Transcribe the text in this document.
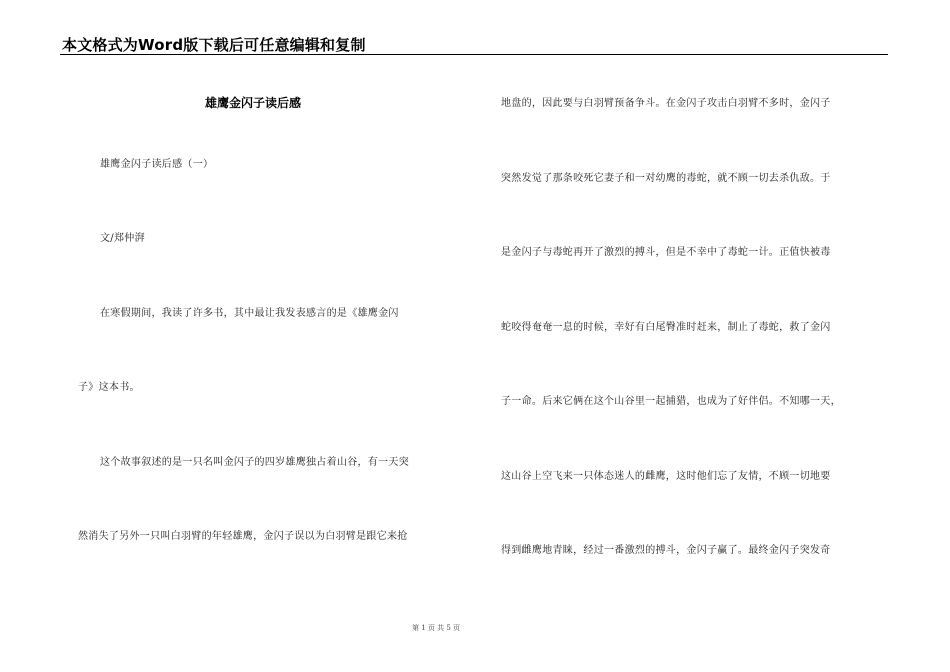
本文格式为Word版下载后可任意编辑和复制
雄鹰金闪子读后感
雄鹰金闪子读后感（一）
文/郑仲湃
在寒假期间，我读了许多书，其中最让我发表感言的是《雄鹰金闪
子》这本书。
这个故事叙述的是一只名叫金闪子的四岁雄鹰独占着山谷，有一天突
然消失了另外一只叫白羽臂的年轻雄鹰，金闪子误以为白羽臂是跟它来抢
地盘的，因此要与白羽臂预备争斗。在金闪子攻击白羽臂不多时，金闪子
突然发觉了那条咬死它妻子和一对幼鹰的毒蛇，就不顾一切去杀仇敌。于
是金闪子与毒蛇再开了激烈的搏斗，但是不幸中了毒蛇一计。正值快被毒
蛇咬得奄奄一息的时候，幸好有白尾臀准时赶来，制止了毒蛇，救了金闪
子一命。后来它俩在这个山谷里一起捕猎，也成为了好伴侣。不知哪一天，
这山谷上空飞来一只体态迷人的雌鹰，这时他们忘了友情，不顾一切地要
得到雌鹰地青睐，经过一番激烈的搏斗，金闪子赢了。最终金闪子突发奇
第 1 页 共 5 页
